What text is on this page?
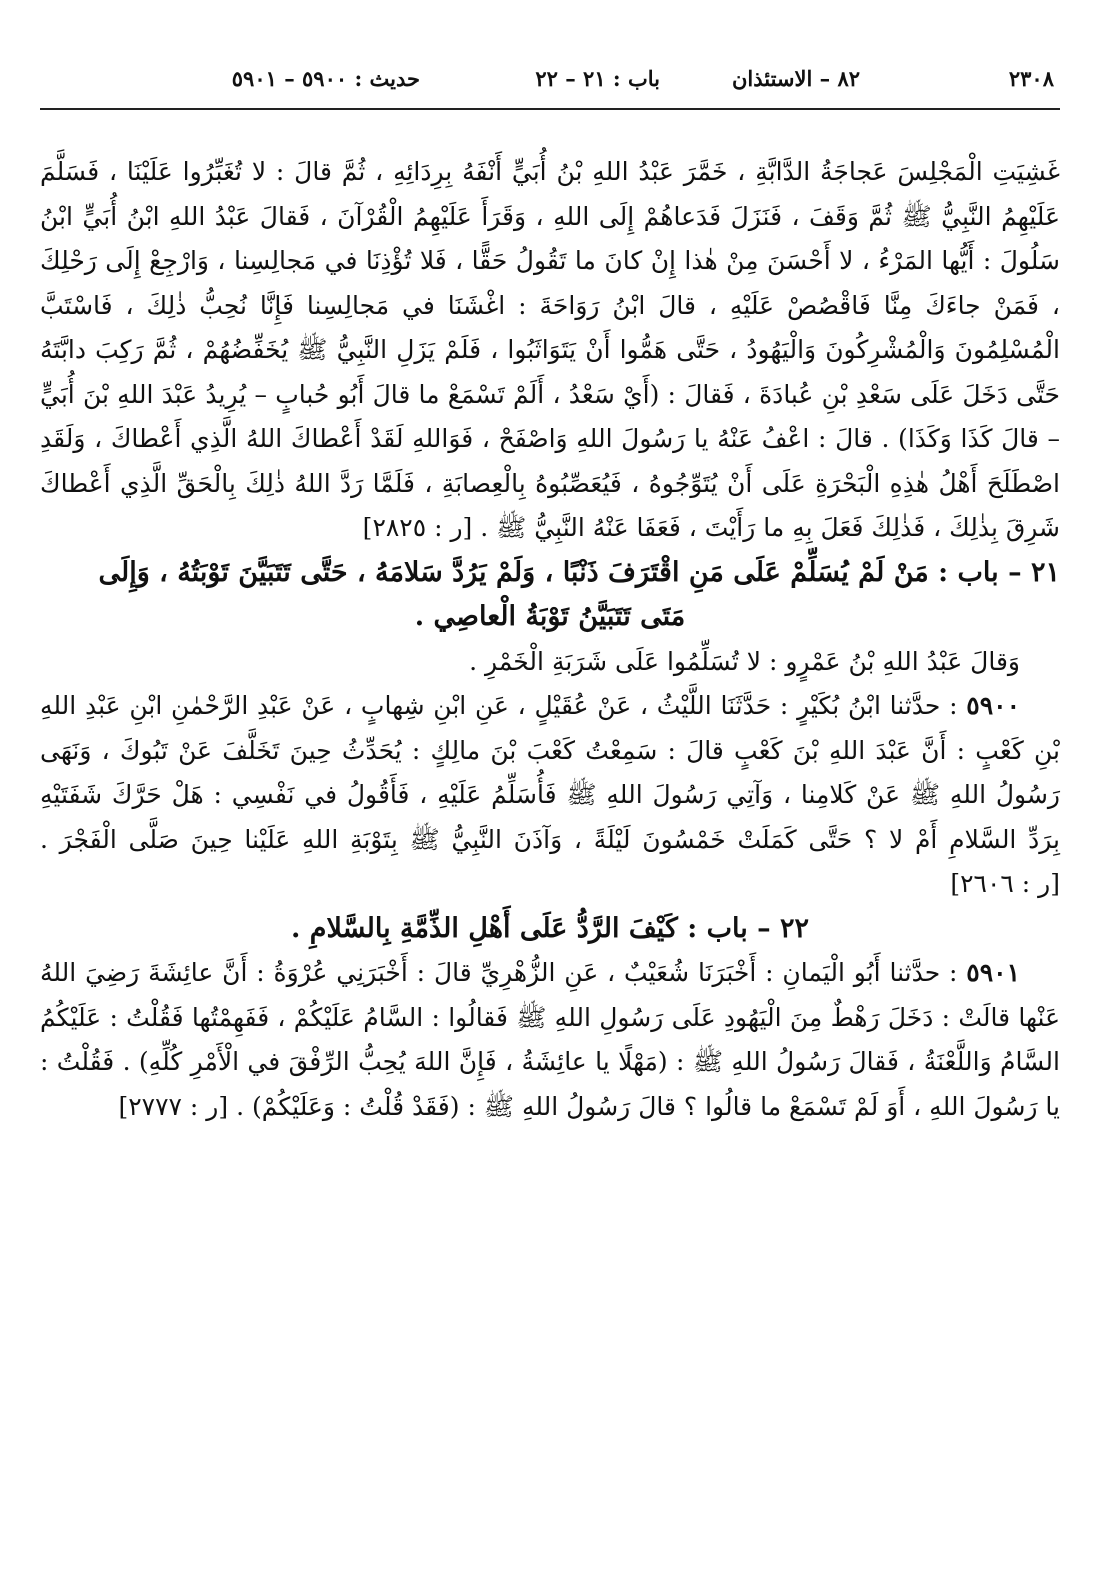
٢٣٠٨
٨٢ – الاستئذان
باب : ٢١ – ٢٢
حديث : ٥٩٠٠ – ٥٩٠١

غَشِيَتِ الْمَجْلِسَ عَجاجَةُ الدَّابَّةِ ، خَمَّرَ عَبْدُ اللهِ بْنُ أُبَيٍّ أَنْفَهُ بِرِدَائِهِ ، ثُمَّ قالَ : لا تُغَبِّرُوا عَلَيْنَا ، فَسَلَّمَ عَلَيْهِمُ النَّبِيُّ ﷺ ثُمَّ وَقَفَ ، فَنَزَلَ فَدَعاهُمْ إِلَى اللهِ ، وَقَرَأَ عَلَيْهِمُ الْقُرْآنَ ، فَقالَ عَبْدُ اللهِ ابْنُ أُبَيٍّ ابْنُ سَلُولَ : أَيُّها المَرْءُ ، لا أَحْسَنَ مِنْ هٰذا إِنْ كانَ ما تَقُولُ حَقًّا ، فَلا تُؤْذِنَا في مَجالِسِنا ، وَارْجِعْ إِلَى رَحْلِكَ ، فَمَنْ جاءَكَ مِنَّا فَاقْصُصْ عَلَيْهِ ، قالَ ابْنُ رَوَاحَةَ : اغْشَنَا في مَجالِسِنا فَإِنَّا نُحِبُّ ذٰلِكَ ، فَاسْتَبَّ الْمُسْلِمُونَ وَالْمُشْرِكُونَ وَالْيَهُودُ ، حَتَّى هَمُّوا أَنْ يَتَوَاثَبُوا ، فَلَمْ يَزَلِ النَّبِيُّ ﷺ يُخَفِّضُهُمْ ، ثُمَّ رَكِبَ دابَّتَهُ حَتَّى دَخَلَ عَلَى سَعْدِ بْنِ عُبادَةَ ، فَقالَ : (أَيْ سَعْدُ ، أَلَمْ تَسْمَعْ ما قالَ أَبُو حُبابٍ – يُرِيدُ عَبْدَ اللهِ بْنَ أُبَيٍّ – قالَ كَذَا وَكَذَا) . قالَ : اعْفُ عَنْهُ يا رَسُولَ اللهِ وَاصْفَحْ ، فَوَاللهِ لَقَدْ أَعْطاكَ اللهُ الَّذِي أَعْطاكَ ، وَلَقَدِ اصْطَلَحَ أَهْلُ هٰذِهِ الْبَحْرَةِ عَلَى أَنْ يُتَوِّجُوهُ ، فَيُعَصِّبُوهُ بِالْعِصابَةِ ، فَلَمَّا رَدَّ اللهُ ذٰلِكَ بِالْحَقِّ الَّذِي أَعْطاكَ شَرِقَ بِذٰلِكَ ، فَذٰلِكَ فَعَلَ بِهِ ما رَأَيْتَ ، فَعَفَا عَنْهُ النَّبِيُّ ﷺ . [ر : ٢٨٢٥]

٢١ – باب : مَنْ لَمْ يُسَلِّمْ عَلَى مَنِ اقْتَرَفَ ذَنْبًا ، وَلَمْ يَرُدَّ سَلامَهُ ، حَتَّى تَتَبَيَّنَ تَوْبَتُهُ ، وَإِلَى
مَتَى تَتَبَيَّنُ تَوْبَةُ الْعاصِي .

وَقالَ عَبْدُ اللهِ بْنُ عَمْرٍو : لا تُسَلِّمُوا عَلَى شَرَبَةِ الْخَمْرِ .

٥٩٠٠ : حدَّثنا ابْنُ بُكَيْرٍ : حَدَّثَنَا اللَّيْثُ ، عَنْ عُقَيْلٍ ، عَنِ ابْنِ شِهابٍ ، عَنْ عَبْدِ الرَّحْمٰنِ ابْنِ عَبْدِ اللهِ بْنِ كَعْبٍ : أَنَّ عَبْدَ اللهِ بْنَ كَعْبٍ قالَ : سَمِعْتُ كَعْبَ بْنَ مالِكٍ : يُحَدِّثُ حِينَ تَخَلَّفَ عَنْ تَبُوكَ ، وَنَهَى رَسُولُ اللهِ ﷺ عَنْ كَلامِنا ، وَآتِي رَسُولَ اللهِ ﷺ فَأُسَلِّمُ عَلَيْهِ ، فَأَقُولُ في نَفْسِي : هَلْ حَرَّكَ شَفَتَيْهِ بِرَدِّ السَّلامِ أَمْ لا ؟ حَتَّى كَمَلَتْ خَمْسُونَ لَيْلَةً ، وَآذَنَ النَّبِيُّ ﷺ بِتَوْبَةِ اللهِ عَلَيْنا حِينَ صَلَّى الْفَجْرَ . [ر : ٢٦٠٦]

٢٢ – باب : كَيْفَ الرَّدُّ عَلَى أَهْلِ الذِّمَّةِ بِالسَّلامِ .

٥٩٠١ : حدَّثنا أَبُو الْيَمانِ : أَخْبَرَنَا شُعَيْبٌ ، عَنِ الزُّهْرِيِّ قالَ : أَخْبَرَنِي عُرْوَةُ : أَنَّ عائِشَةَ رَضِيَ اللهُ عَنْها قالَتْ : دَخَلَ رَهْطٌ مِنَ الْيَهُودِ عَلَى رَسُولِ اللهِ ﷺ فَقالُوا : السَّامُ عَلَيْكُمْ ، فَفَهِمْتُها فَقُلْتُ : عَلَيْكُمُ السَّامُ وَاللَّعْنَةُ ، فَقالَ رَسُولُ اللهِ ﷺ : (مَهْلًا يا عائِشَةُ ، فَإِنَّ اللهَ يُحِبُّ الرِّفْقَ في الْأَمْرِ كُلِّهِ) . فَقُلْتُ : يا رَسُولَ اللهِ ، أَوَ لَمْ تَسْمَعْ ما قالُوا ؟ قالَ رَسُولُ اللهِ ﷺ : (فَقَدْ قُلْتُ : وَعَلَيْكُمْ) . [ر : ٢٧٧٧]
